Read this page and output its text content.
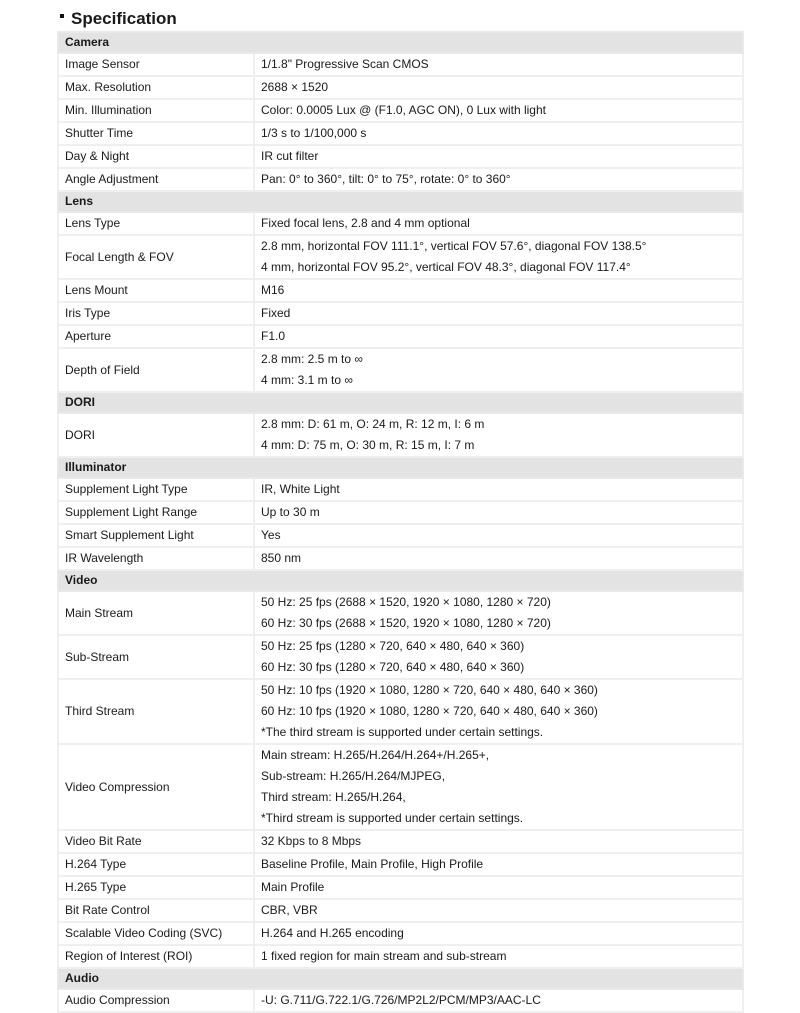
Specification
Camera	
Image Sensor	1/1.8" Progressive Scan CMOS

Max. Resolution	2688 × 1520

Min. Illumination	Color: 0.0005 Lux @ (F1.0, AGC ON), 0 Lux with light

Shutter Time	1/3 s to 1/100,000 s

Day & Night	IR cut filter

Angle Adjustment	Pan: 0° to 360°, tilt: 0° to 75°, rotate: 0° to 360°

Lens	
Lens Type	Fixed focal lens, 2.8 and 4 mm optional

Focal Length & FOV	2.8 mm, horizontal FOV 111.1°, vertical FOV 57.6°, diagonal FOV 138.5°
4 mm, horizontal FOV 95.2°, vertical FOV 48.3°, diagonal FOV 117.4°

Lens Mount	M16

Iris Type	Fixed

Aperture	F1.0

Depth of Field	2.8 mm: 2.5 m to ∞
4 mm: 3.1 m to ∞

DORI	
DORI	2.8 mm: D: 61 m, O: 24 m, R: 12 m, I: 6 m
4 mm: D: 75 m, O: 30 m, R: 15 m, I: 7 m

Illuminator	
Supplement Light Type	IR, White Light

Supplement Light Range	Up to 30 m

Smart Supplement Light	Yes

IR Wavelength	850 nm

Video	
Main Stream	50 Hz: 25 fps (2688 × 1520, 1920 × 1080, 1280 × 720)
60 Hz: 30 fps (2688 × 1520, 1920 × 1080, 1280 × 720)

Sub-Stream	50 Hz: 25 fps (1280 × 720, 640 × 480, 640 × 360)
60 Hz: 30 fps (1280 × 720, 640 × 480, 640 × 360)

Third Stream	50 Hz: 10 fps (1920 × 1080, 1280 × 720, 640 × 480, 640 × 360)
60 Hz: 10 fps (1920 × 1080, 1280 × 720, 640 × 480, 640 × 360)
*The third stream is supported under certain settings.

Video Compression	Main stream: H.265/H.264/H.264+/H.265+,
Sub-stream: H.265/H.264/MJPEG,
Third stream: H.265/H.264,
*Third stream is supported under certain settings.

Video Bit Rate	32 Kbps to 8 Mbps

H.264 Type	Baseline Profile, Main Profile, High Profile

H.265 Type	Main Profile

Bit Rate Control	CBR, VBR

Scalable Video Coding (SVC)	H.264 and H.265 encoding

Region of Interest (ROI)	1 fixed region for main stream and sub-stream

Audio	
Audio Compression	-U: G.711/G.722.1/G.726/MP2L2/PCM/MP3/AAC-LC
